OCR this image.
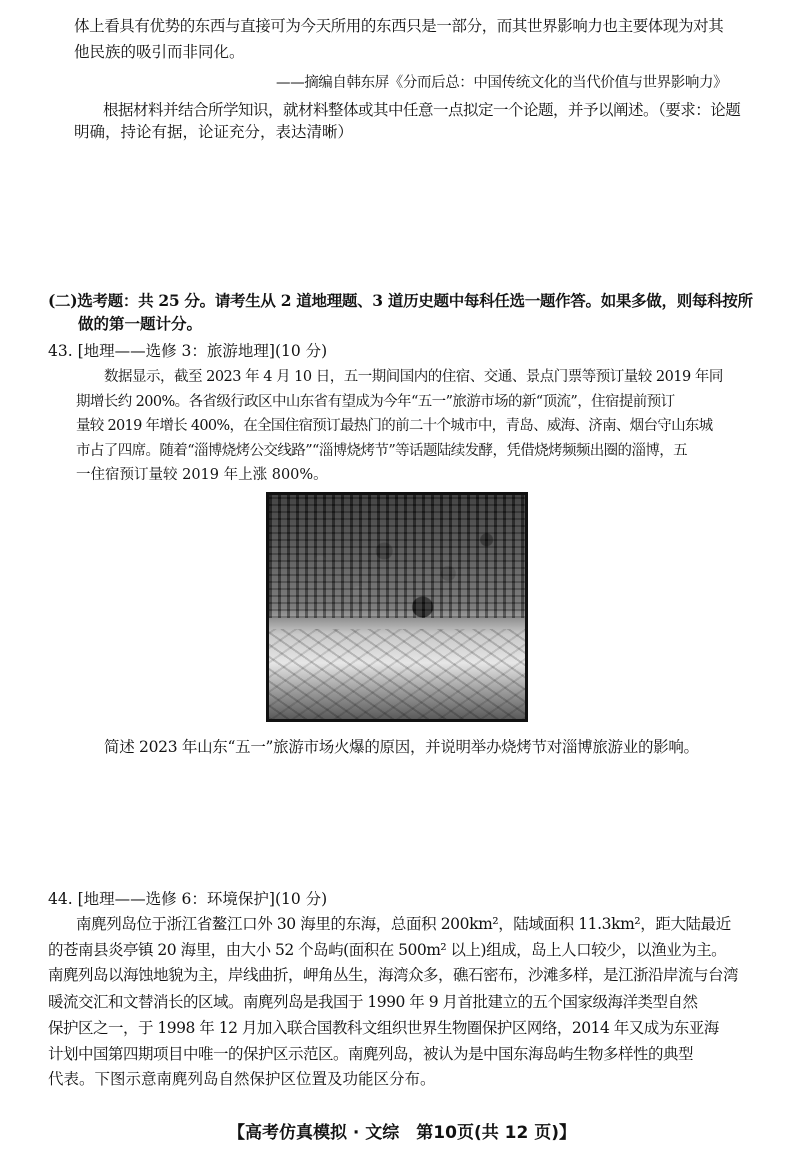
体上看具有优势的东西与直接可为今天所用的东西只是一部分，而其世界影响力也主要体现为对其
他民族的吸引而非同化。
——摘编自韩东屏《分而后总：中国传统文化的当代价值与世界影响力》
根据材料并结合所学知识，就材料整体或其中任意一点拟定一个论题，并予以阐述。（要求：论题
明确，持论有据，论证充分，表达清晰）
(二)选考题：共 25 分。请考生从 2 道地理题、3 道历史题中每科任选一题作答。如果多做，则每科按所
做的第一题计分。
43. [地理——选修 3：旅游地理](10 分)
数据显示，截至 2023 年 4 月 10 日，五一期间国内的住宿、交通、景点门票等预订量较 2019 年同
期增长约 200%。各省级行政区中山东省有望成为今年“五一”旅游市场的新“顶流”，住宿提前预订
量较 2019 年增长 400%，在全国住宿预订最热门的前二十个城市中，青岛、威海、济南、烟台守山东城
市占了四席。随着“淄博烧烤公交线路”“淄博烧烤节”等话题陆续发酵，凭借烧烤频频出圈的淄博，五
一住宿预订量较 2019 年上涨 800%。
简述 2023 年山东“五一”旅游市场火爆的原因，并说明举办烧烤节对淄博旅游业的影响。
44. [地理——选修 6：环境保护](10 分)
南麂列岛位于浙江省鳌江口外 30 海里的东海，总面积 200km²，陆域面积 11.3km²，距大陆最近
的苍南县炎亭镇 20 海里，由大小 52 个岛屿(面积在 500m² 以上)组成，岛上人口较少，以渔业为主。
南麂列岛以海蚀地貌为主，岸线曲折，岬角丛生，海湾众多，礁石密布，沙滩多样，是江浙沿岸流与台湾
暖流交汇和文替消长的区域。南麂列岛是我国于 1990 年 9 月首批建立的五个国家级海洋类型自然
保护区之一，于 1998 年 12 月加入联合国教科文组织世界生物圈保护区网络，2014 年又成为东亚海
计划中国第四期项目中唯一的保护区示范区。南麂列岛，被认为是中国东海岛屿生物多样性的典型
代表。下图示意南麂列岛自然保护区位置及功能区分布。
【高考仿真模拟 · 文综　第10页(共 12 页)】
